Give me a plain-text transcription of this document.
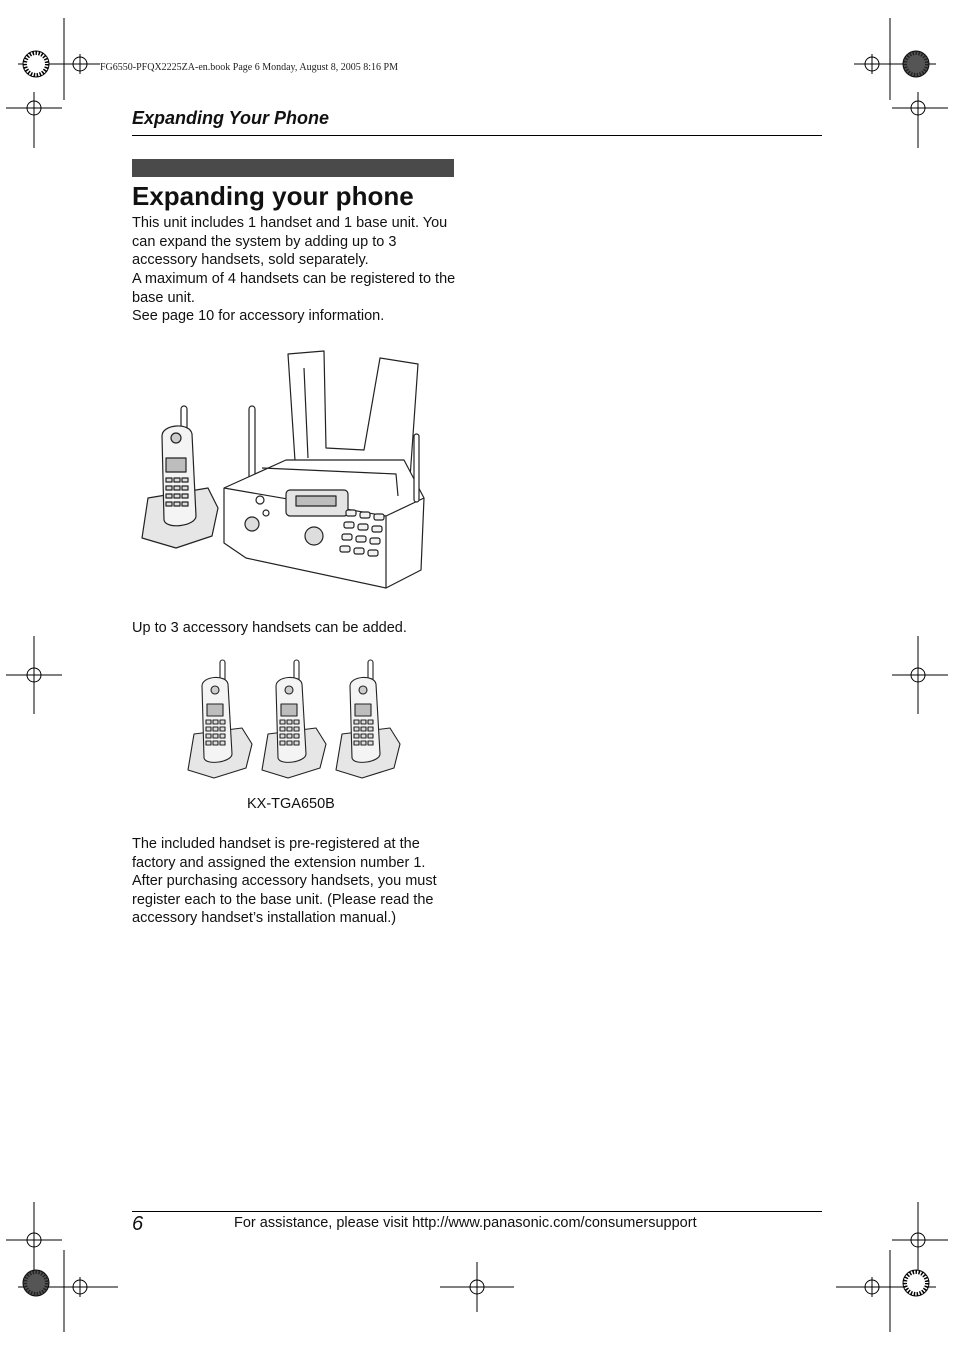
FG6550-PFQX2225ZA-en.book Page 6 Monday, August 8, 2005 8:16 PM
Expanding Your Phone
Expanding your phone

This unit includes 1 handset and 1 base unit. You can expand the system by adding up to 3 accessory handsets, sold separately.

A maximum of 4 handsets can be registered to the base unit.

See page 10 for accessory information.

Up to 3 accessory handsets can be added.
KX-TGA650B

The included handset is pre-registered at the factory and assigned the extension number 1. After purchasing accessory handsets, you must register each to the base unit. (Please read the accessory handset’s installation manual.)

6	For assistance, please visit http://www.panasonic.com/consumersupport
